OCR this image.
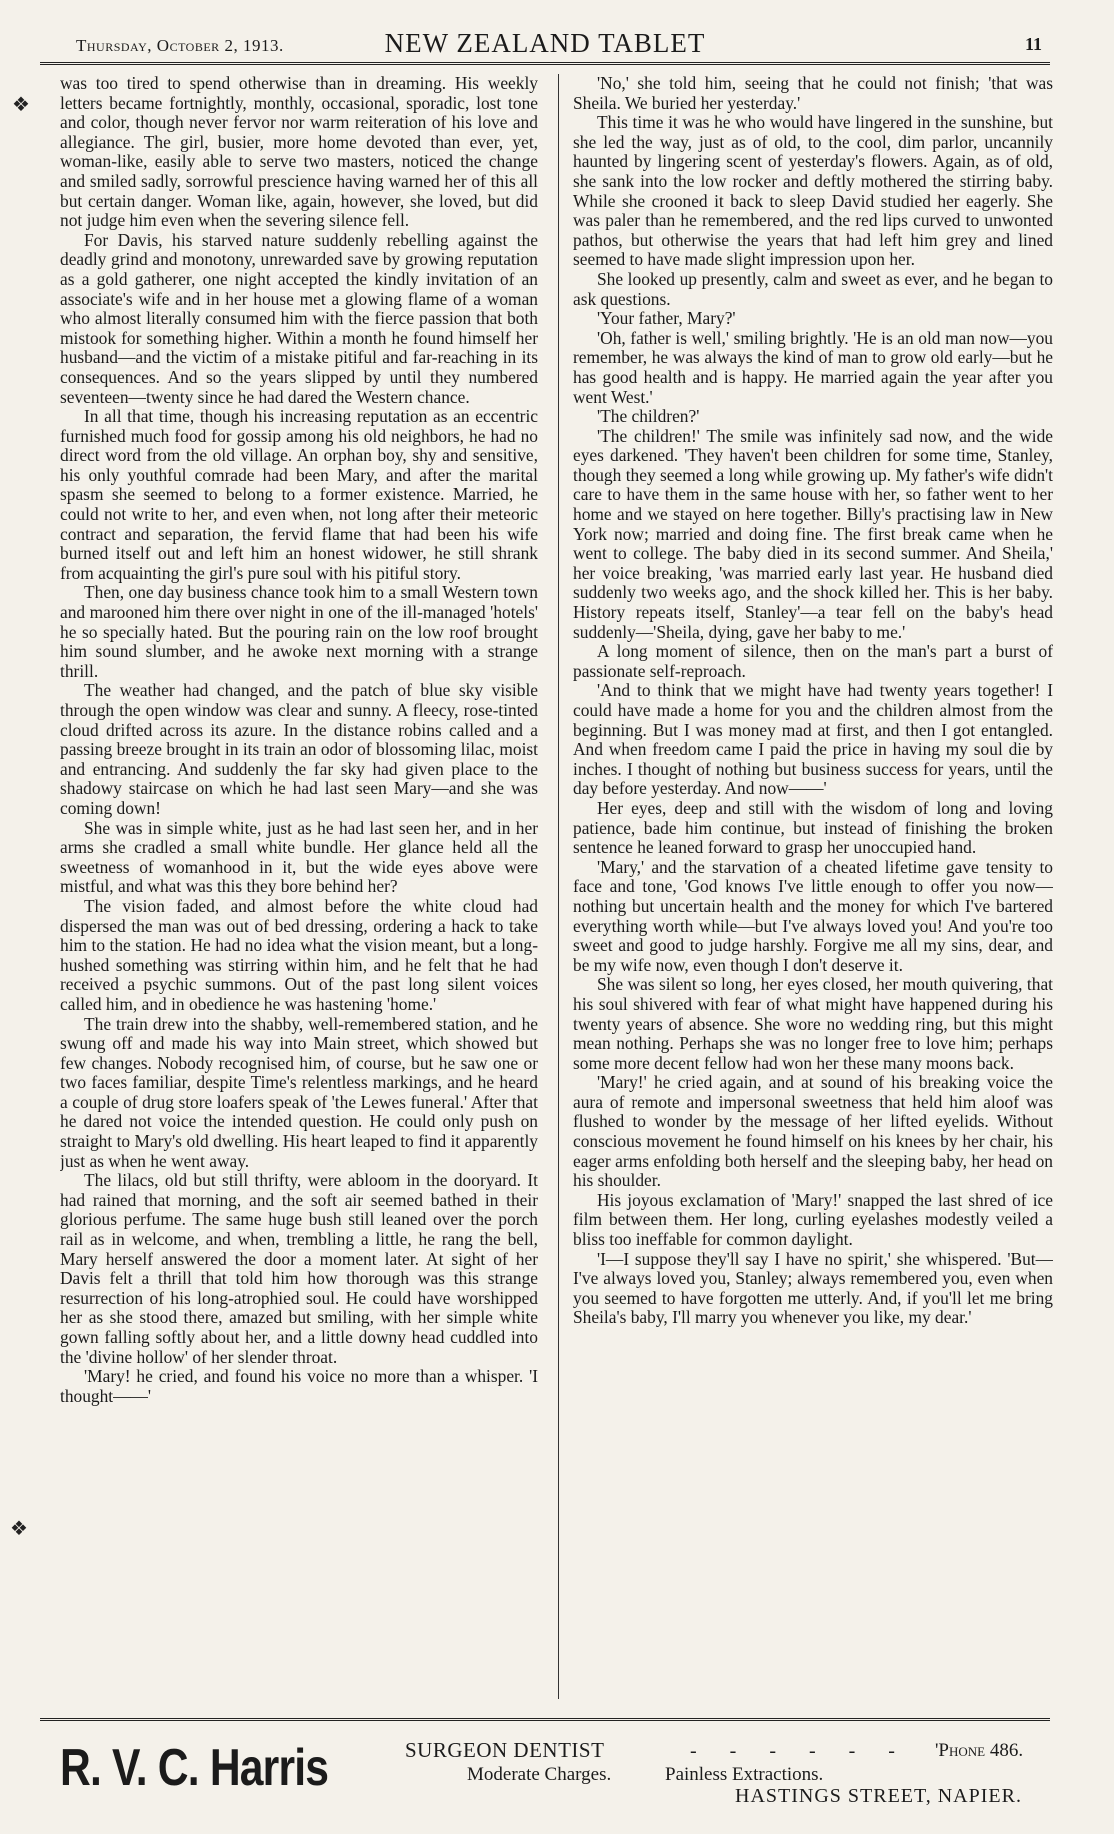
Thursday, October 2, 1913.	NEW ZEALAND TABLET	11
❖
❖

was too tired to spend otherwise than in dreaming. His weekly letters became fortnightly, monthly, occasional, sporadic, lost tone and color, though never fervor nor warm reiteration of his love and allegiance. The girl, busier, more home devoted than ever, yet, woman-like, easily able to serve two masters, noticed the change and smiled sadly, sorrowful prescience having warned her of this all but certain danger. Woman like, again, however, she loved, but did not judge him even when the severing silence fell.

For Davis, his starved nature suddenly rebelling against the deadly grind and monotony, unrewarded save by growing reputation as a gold gatherer, one night accepted the kindly invitation of an associate's wife and in her house met a glowing flame of a woman who almost literally consumed him with the fierce passion that both mistook for something higher. Within a month he found himself her husband—and the victim of a mistake pitiful and far-reaching in its consequences. And so the years slipped by until they numbered seventeen—twenty since he had dared the Western chance.

In all that time, though his increasing reputation as an eccentric furnished much food for gossip among his old neighbors, he had no direct word from the old village. An orphan boy, shy and sensitive, his only youthful comrade had been Mary, and after the marital spasm she seemed to belong to a former existence. Married, he could not write to her, and even when, not long after their meteoric contract and separation, the fervid flame that had been his wife burned itself out and left him an honest widower, he still shrank from acquainting the girl's pure soul with his pitiful story.

Then, one day business chance took him to a small Western town and marooned him there over night in one of the ill-managed 'hotels' he so specially hated. But the pouring rain on the low roof brought him sound slumber, and he awoke next morning with a strange thrill.

The weather had changed, and the patch of blue sky visible through the open window was clear and sunny. A fleecy, rose-tinted cloud drifted across its azure. In the distance robins called and a passing breeze brought in its train an odor of blossoming lilac, moist and entrancing. And suddenly the far sky had given place to the shadowy staircase on which he had last seen Mary—and she was coming down!

She was in simple white, just as he had last seen her, and in her arms she cradled a small white bundle. Her glance held all the sweetness of womanhood in it, but the wide eyes above were mistful, and what was this they bore behind her?

The vision faded, and almost before the white cloud had dispersed the man was out of bed dressing, ordering a hack to take him to the station. He had no idea what the vision meant, but a long-hushed something was stirring within him, and he felt that he had received a psychic summons. Out of the past long silent voices called him, and in obedience he was hastening 'home.'

The train drew into the shabby, well-remembered station, and he swung off and made his way into Main street, which showed but few changes. Nobody recognised him, of course, but he saw one or two faces familiar, despite Time's relentless markings, and he heard a couple of drug store loafers speak of 'the Lewes funeral.' After that he dared not voice the intended question. He could only push on straight to Mary's old dwelling. His heart leaped to find it apparently just as when he went away.

The lilacs, old but still thrifty, were abloom in the dooryard. It had rained that morning, and the soft air seemed bathed in their glorious perfume. The same huge bush still leaned over the porch rail as in welcome, and when, trembling a little, he rang the bell, Mary herself answered the door a moment later. At sight of her Davis felt a thrill that told him how thorough was this strange resurrection of his long-atrophied soul. He could have worshipped her as she stood there, amazed but smiling, with her simple white gown falling softly about her, and a little downy head cuddled into the 'divine hollow' of her slender throat.

'Mary! he cried, and found his voice no more than a whisper. 'I thought——'

'No,' she told him, seeing that he could not finish; 'that was Sheila. We buried her yesterday.'

This time it was he who would have lingered in the sunshine, but she led the way, just as of old, to the cool, dim parlor, uncannily haunted by lingering scent of yesterday's flowers. Again, as of old, she sank into the low rocker and deftly mothered the stirring baby. While she crooned it back to sleep David studied her eagerly. She was paler than he remembered, and the red lips curved to unwonted pathos, but otherwise the years that had left him grey and lined seemed to have made slight impression upon her.

She looked up presently, calm and sweet as ever, and he began to ask questions.

'Your father, Mary?'

'Oh, father is well,' smiling brightly. 'He is an old man now—you remember, he was always the kind of man to grow old early—but he has good health and is happy. He married again the year after you went West.'

'The children?'

'The children!' The smile was infinitely sad now, and the wide eyes darkened. 'They haven't been children for some time, Stanley, though they seemed a long while growing up. My father's wife didn't care to have them in the same house with her, so father went to her home and we stayed on here together. Billy's practising law in New York now; married and doing fine. The first break came when he went to college. The baby died in its second summer. And Sheila,' her voice breaking, 'was married early last year. He husband died suddenly two weeks ago, and the shock killed her. This is her baby. History repeats itself, Stanley'—a tear fell on the baby's head suddenly—'Sheila, dying, gave her baby to me.'

A long moment of silence, then on the man's part a burst of passionate self-reproach.

'And to think that we might have had twenty years together! I could have made a home for you and the children almost from the beginning. But I was money mad at first, and then I got entangled. And when freedom came I paid the price in having my soul die by inches. I thought of nothing but business success for years, until the day before yesterday. And now——'

Her eyes, deep and still with the wisdom of long and loving patience, bade him continue, but instead of finishing the broken sentence he leaned forward to grasp her unoccupied hand.

'Mary,' and the starvation of a cheated lifetime gave tensity to face and tone, 'God knows I've little enough to offer you now—nothing but uncertain health and the money for which I've bartered everything worth while—but I've always loved you! And you're too sweet and good to judge harshly. Forgive me all my sins, dear, and be my wife now, even though I don't deserve it.

She was silent so long, her eyes closed, her mouth quivering, that his soul shivered with fear of what might have happened during his twenty years of absence. She wore no wedding ring, but this might mean nothing. Perhaps she was no longer free to love him; perhaps some more decent fellow had won her these many moons back.

'Mary!' he cried again, and at sound of his breaking voice the aura of remote and impersonal sweetness that held him aloof was flushed to wonder by the message of her lifted eyelids. Without conscious movement he found himself on his knees by her chair, his eager arms enfolding both herself and the sleeping baby, her head on his shoulder.

His joyous exclamation of 'Mary!' snapped the last shred of ice film between them. Her long, curling eyelashes modestly veiled a bliss too ineffable for common daylight.

'I—I suppose they'll say I have no spirit,' she whispered. 'But—I've always loved you, Stanley; always remembered you, even when you seemed to have forgotten me utterly. And, if you'll let me bring Sheila's baby, I'll marry you whenever you like, my dear.'

R. V. C. Harris	SURGEON DENTIST	- - - - - - 'Phone 486.
Moderate Charges.	Painless Extractions.
HASTINGS STREET, NAPIER.
